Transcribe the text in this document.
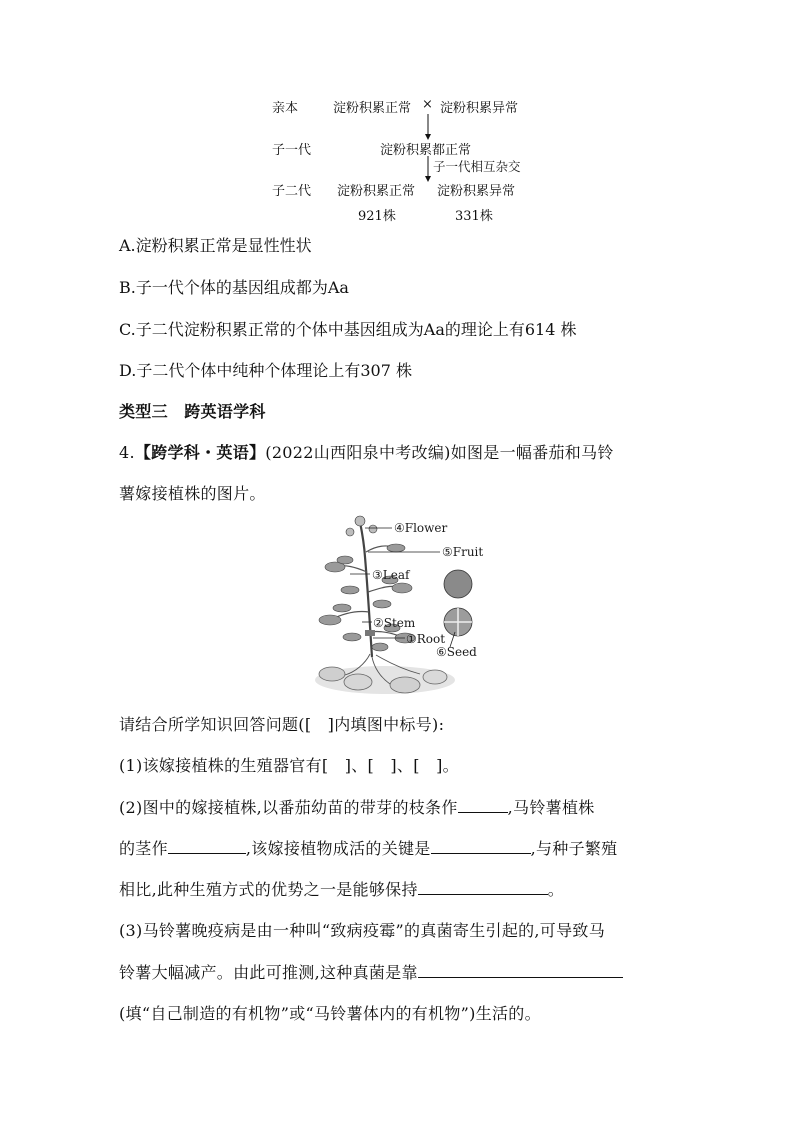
亲本	淀粉积累正常 × 淀粉积累异常
子一代	淀粉积累都正常
子一代相互杂交
子二代 淀粉积累正常 淀粉积累异常
921株	331株
A.淀粉积累正常是显性性状
B.子一代个体的基因组成都为Aa
C.子二代淀粉积累正常的个体中基因组成为Aa的理论上有614 株
D.子二代个体中纯种个体理论上有307 株
类型三　跨英语学科
4.【跨学科・英语】(2022山西阳泉中考改编)如图是一幅番茄和马铃
薯嫁接植株的图片。
④Flower
⑤Fruit
③Leaf
②Stem
①Root
⑥Seed
请结合所学知识回答问题([　]内填图中标号):
(1)该嫁接植株的生殖器官有[　]、[　]、[　]。
(2)图中的嫁接植株,以番茄幼苗的带芽的枝条作	,马铃薯植株
的茎作	,该嫁接植物成活的关键是	,与种子繁殖
相比,此种生殖方式的优势之一是能够保持	。
(3)马铃薯晚疫病是由一种叫“致病疫霉”的真菌寄生引起的,可导致马
铃薯大幅减产。由此可推测,这种真菌是靠
(填“自己制造的有机物”或“马铃薯体内的有机物”)生活的。
